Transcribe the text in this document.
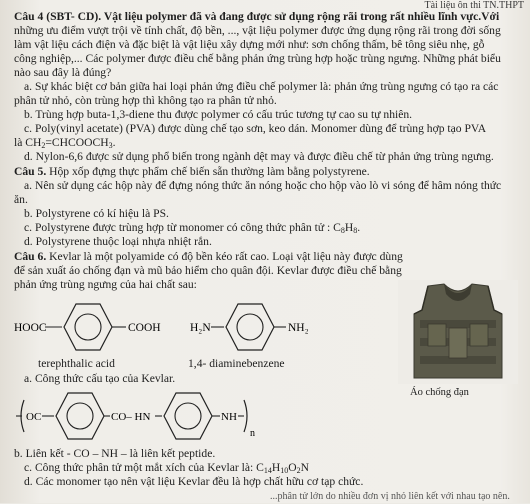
Tài liệu ôn thi TN.THPT
Câu 4 (SBT- CD). Vật liệu polymer đã và đang được sử dụng rộng rãi trong rất nhiều lĩnh vực.Với
những ưu điểm vượt trội về tính chất, độ bền, ..., vật liệu polymer được ứng dụng rộng rãi trong đời sống
làm vật liệu cách điện và đặc biệt là vật liệu xây dựng mới như: sơn chống thấm, bê tông siêu nhẹ, gỗ
công nghiệp,... Các polymer được điều chế bằng phản ứng trùng hợp hoặc trùng ngưng. Những phát biểu
nào sau đây là đúng?
a. Sự khác biệt cơ bản giữa hai loại phản ứng điều chế polymer là: phản ứng trùng ngưng có tạo ra các
phân tử nhỏ, còn trùng hợp thì không tạo ra phân tử nhỏ.
b. Trùng hợp buta-1,3-diene thu được polymer có cấu trúc tương tự cao su tự nhiên.
c. Poly(vinyl acetate) (PVA) được dùng chế tạo sơn, keo dán. Monomer dùng để trùng hợp tạo PVA
là $CH_2=CHCOOCH_3$.
d. Nylon-6,6 được sử dụng phổ biến trong ngành dệt may và được điều chế từ phản ứng trùng ngưng.
Câu 5. Hộp xốp đựng thực phẩm chế biến sẵn thường làm bằng polystyrene.
a. Nên sử dụng các hộp này để đựng nóng thức ăn nóng hoặc cho hộp vào lò vi sóng để hâm nóng thức
ăn.
b. Polystyrene có kí hiệu là PS.
c. Polystyrene được trùng hợp từ monomer có công thức phân tử : $C_8H_8$.
d. Polystyrene thuộc loại nhựa nhiệt rắn.
Câu 6. Kevlar là một polyamide có độ bền kéo rất cao. Loại vật liệu này được dùng
để sản xuất áo chống đạn và mũ bảo hiểm cho quân đội. Kevlar được điều chế bằng
phản ứng trùng ngưng của hai chất sau:
HOOC	COOH
terephthalic acid
H₂N	NH₂
1,4- diaminebenzene
Áo chống đạn
a. Công thức cấu tạo của Kevlar.
OC	CO– HN	NH
n
b. Liên kết - CO – NH – là liên kết peptide.
c. Công thức phân tử một mắt xích của Kevlar là: $C_{14}H_{10}O_2N$
d. Các monomer tạo nên vật liệu Kevlar đều là hợp chất hữu cơ tạp chức.
...phân tử lớn do nhiều đơn vị nhỏ liên kết với nhau tạo nên.
